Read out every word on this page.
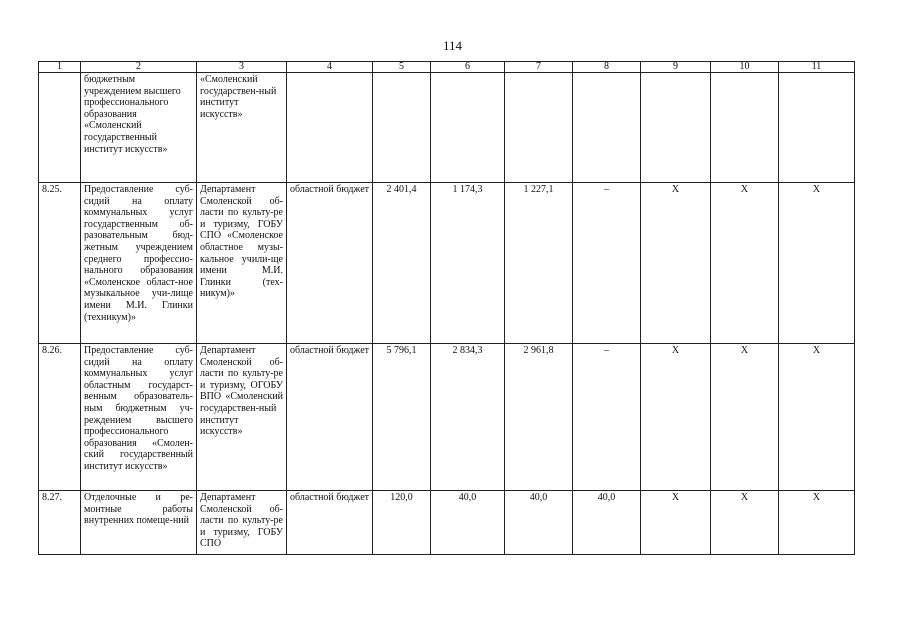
114
1	2	3	4	5	6	7	8	9	10	11
	бюджетным учреждением высшего профессионального образования «Смоленский государственный институт искусств»	«Смоленский государствен-ный институт искусств»								
8.25.	Предоставление суб-сидий на оплату коммунальных услуг государственным об-разовательным бюд-жетным учреждением среднего профессио-нального образования «Смоленское област-ное музыкальное учи-лище имени М.И. Глинки (техникум)»	Департамент Смоленской об-ласти по культу-ре и туризму, ГОБУ СПО «Смоленское областное музы-кальное учили-ще имени М.И. Глинки (тех-никум)»	областной бюджет	2 401,4	1 174,3	1 227,1	–	X	X	X
8.26.	Предоставление суб-сидий на оплату коммунальных услуг областным государст-венным образователь-ным бюджетным уч-реждением высшего профессионального образования «Смолен-ский государственный институт искусств»	Департамент Смоленской об-ласти по культу-ре и туризму, ОГОБУ ВПО «Смоленский государствен-ный институт искусств»	областной бюджет	5 796,1	2 834,3	2 961,8	–	X	X	X
8.27.	Отделочные и ре-монтные работы внутренних помеще-ний	Департамент Смоленской об-ласти по культу-ре и туризму, ГОБУ СПО	областной бюджет	120,0	40,0	40,0	40,0	X	X	X
